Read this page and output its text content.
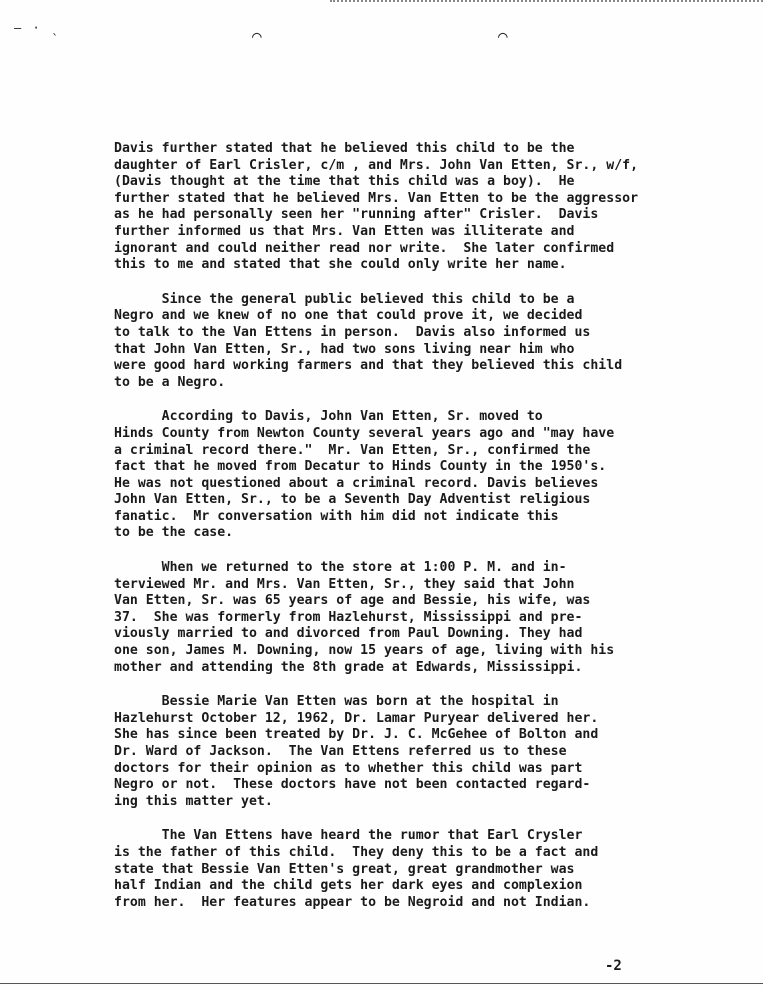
– · ˎ	⌒	⌒
Davis further stated that he believed this child to be the
daughter of Earl Crisler, c/m , and Mrs. John Van Etten, Sr., w/f,
(Davis thought at the time that this child was a boy).  He
further stated that he believed Mrs. Van Etten to be the aggressor
as he had personally seen her "running after" Crisler.  Davis
further informed us that Mrs. Van Etten was illiterate and
ignorant and could neither read nor write.  She later confirmed
this to me and stated that she could only write her name.
Since the general public believed this child to be a
Negro and we knew of no one that could prove it, we decided
to talk to the Van Ettens in person.  Davis also informed us
that John Van Etten, Sr., had two sons living near him who
were good hard working farmers and that they believed this child
to be a Negro.
According to Davis, John Van Etten, Sr. moved to
Hinds County from Newton County several years ago and "may have
a criminal record there."  Mr. Van Etten, Sr., confirmed the
fact that he moved from Decatur to Hinds County in the 1950's.
He was not questioned about a criminal record. Davis believes
John Van Etten, Sr., to be a Seventh Day Adventist religious
fanatic.  Mr conversation with him did not indicate this
to be the case.
When we returned to the store at 1:00 P. M. and in-
terviewed Mr. and Mrs. Van Etten, Sr., they said that John
Van Etten, Sr. was 65 years of age and Bessie, his wife, was
37.  She was formerly from Hazlehurst, Mississippi and pre-
viously married to and divorced from Paul Downing. They had
one son, James M. Downing, now 15 years of age, living with his
mother and attending the 8th grade at Edwards, Mississippi.
Bessie Marie Van Etten was born at the hospital in
Hazlehurst October 12, 1962, Dr. Lamar Puryear delivered her.
She has since been treated by Dr. J. C. McGehee of Bolton and
Dr. Ward of Jackson.  The Van Ettens referred us to these
doctors for their opinion as to whether this child was part
Negro or not.  These doctors have not been contacted regard-
ing this matter yet.
The Van Ettens have heard the rumor that Earl Crysler
is the father of this child.  They deny this to be a fact and
state that Bessie Van Etten's great, great grandmother was
half Indian and the child gets her dark eyes and complexion
from her.  Her features appear to be Negroid and not Indian.
-2
